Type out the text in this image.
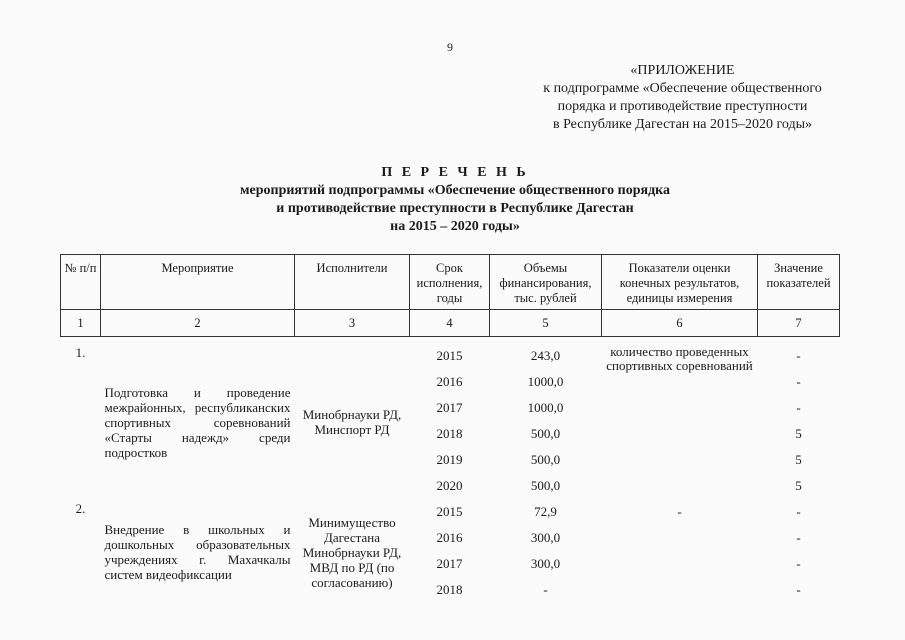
9
«ПРИЛОЖЕНИЕ
к подпрограмме «Обеспечение общественного
порядка и противодействие преступности
в Республике Дагестан на 2015–2020 годы»
П Е Р Е Ч Е Н Ь
мероприятий подпрограммы «Обеспечение общественного порядка
и противодействие преступности в Республике Дагестан
на 2015 – 2020 годы»
№ п/п	Мероприятие	Исполнители	Срок исполнения, годы	Объемы финансирования, тыс. рублей	Показатели оценки конечных результатов, единицы измерения	Значение показателей
1	2	3	4	5	6	7

1.	Подготовка и проведение межрайонных, республиканских спортивных соревнований «Старты надежд» среди подростков	Минобрнауки РД, Минспорт РД	2015	243,0	количество проведенных спортивных соревнований	-
			2016	1000,0		-
			2017	1000,0		-
			2018	500,0		5
			2019	500,0		5
			2020	500,0		5
2.	Внедрение в школьных и дошкольных образовательных учреждениях г. Махачкалы систем видеофиксации	Минимущество Дагестана Минобрнауки РД, МВД по РД (по согласованию)	2015	72,9	-	-
			2016	300,0		-
			2017	300,0		-
			2018	-		-
